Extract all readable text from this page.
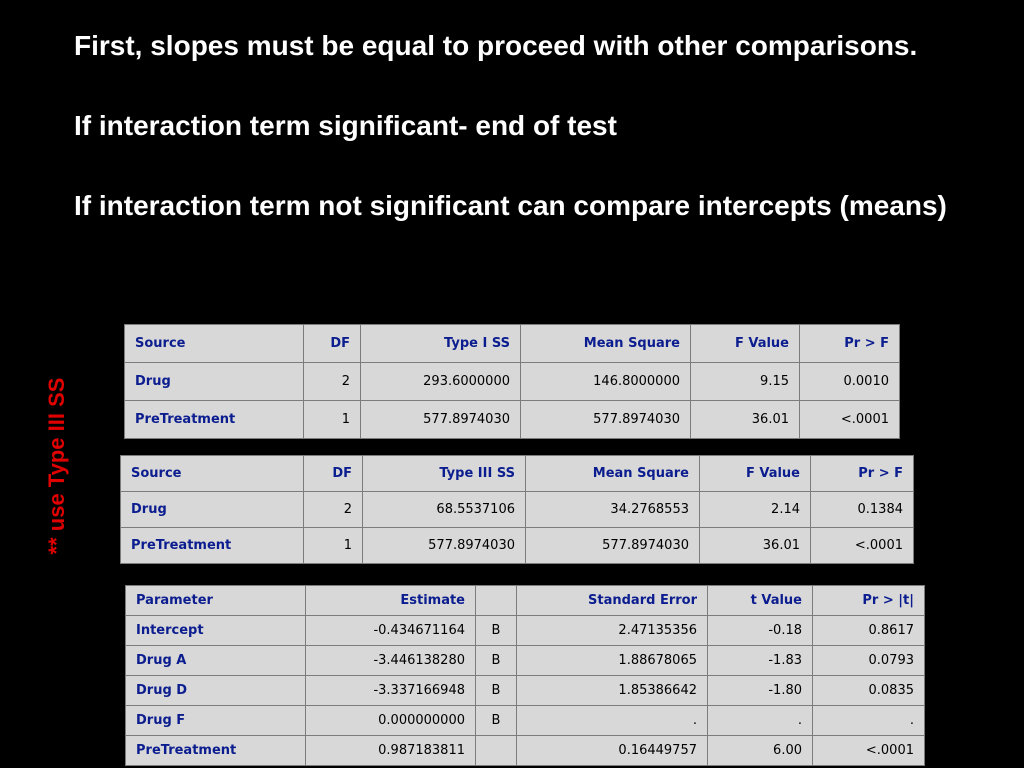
First, slopes must be equal to proceed with other comparisons.

If interaction term significant- end of test

If interaction term not significant can compare intercepts (means)

** use Type III SS
Source	DF	Type I SS	Mean Square	F Value	Pr > F
Drug	2	293.6000000	146.8000000	9.15	0.0010
PreTreatment	1	577.8974030	577.8974030	36.01	<.0001
Source	DF	Type III SS	Mean Square	F Value	Pr > F
Drug	2	68.5537106	34.2768553	2.14	0.1384
PreTreatment	1	577.8974030	577.8974030	36.01	<.0001
Parameter	Estimate		Standard Error	t Value	Pr > |t|
Intercept	-0.434671164	B	2.47135356	-0.18	0.8617
Drug A	-3.446138280	B	1.88678065	-1.83	0.0793
Drug D	-3.337166948	B	1.85386642	-1.80	0.0835
Drug F	0.000000000	B	.	.	.
PreTreatment	0.987183811		0.16449757	6.00	<.0001
